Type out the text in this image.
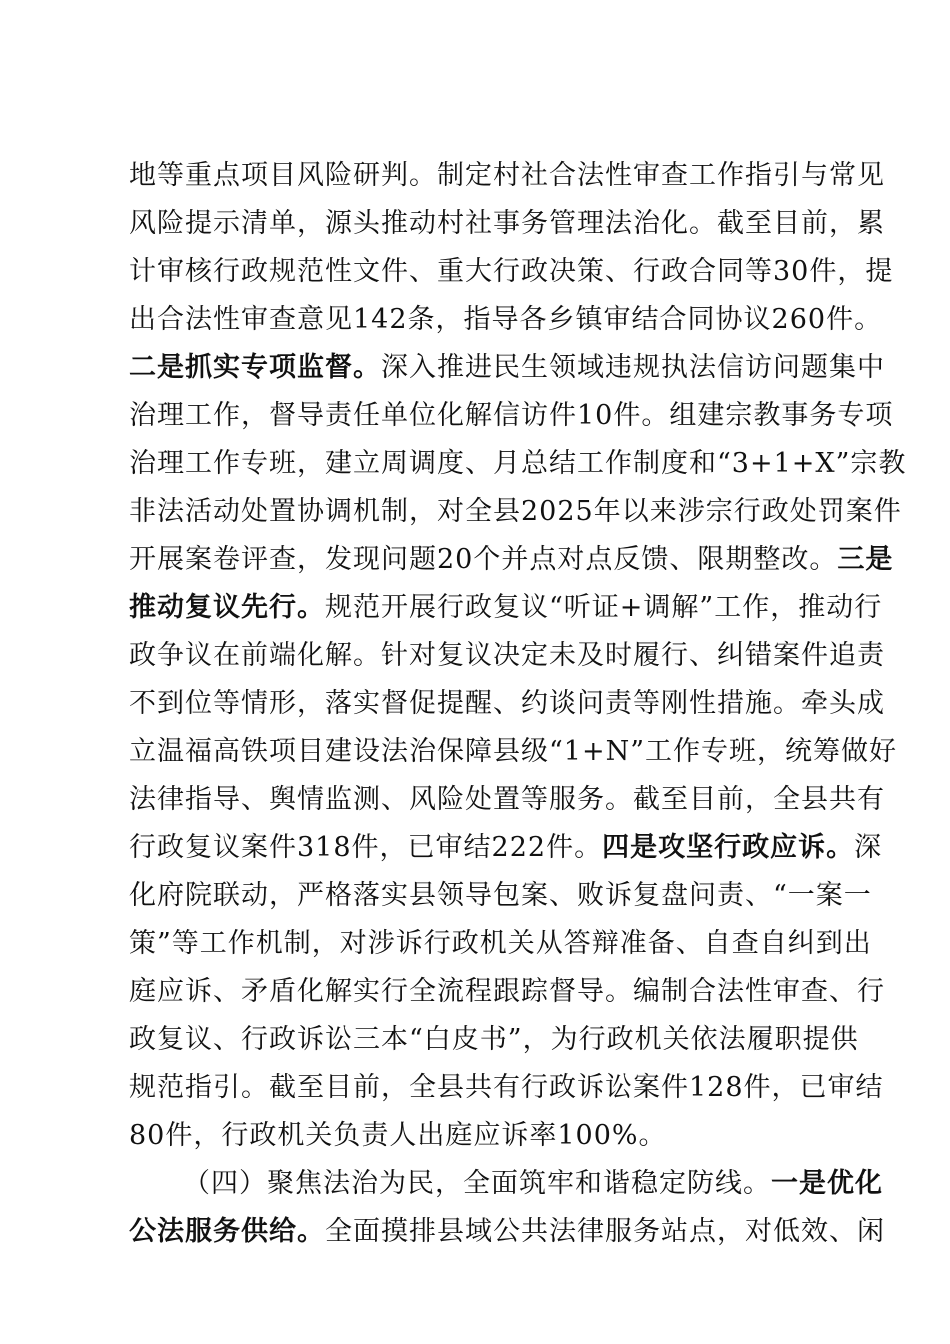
地等重点项目风险研判。制定村社合法性审查工作指引与常见
风险提示清单，源头推动村社事务管理法治化。截至目前，累
计审核行政规范性文件、重大行政决策、行政合同等30件，提
出合法性审查意见142条，指导各乡镇审结合同协议260件。
二是抓实专项监督。深入推进民生领域违规执法信访问题集中
治理工作，督导责任单位化解信访件10件。组建宗教事务专项
治理工作专班，建立周调度、月总结工作制度和“3+1+X”宗教
非法活动处置协调机制，对全县2025年以来涉宗行政处罚案件
开展案卷评查，发现问题20个并点对点反馈、限期整改。三是
推动复议先行。规范开展行政复议“听证+调解”工作，推动行
政争议在前端化解。针对复议决定未及时履行、纠错案件追责
不到位等情形，落实督促提醒、约谈问责等刚性措施。牵头成
立温福高铁项目建设法治保障县级“1+N”工作专班，统筹做好
法律指导、舆情监测、风险处置等服务。截至目前，全县共有
行政复议案件318件，已审结222件。四是攻坚行政应诉。深
化府院联动，严格落实县领导包案、败诉复盘问责、“一案一
策”等工作机制，对涉诉行政机关从答辩准备、自查自纠到出
庭应诉、矛盾化解实行全流程跟踪督导。编制合法性审查、行
政复议、行政诉讼三本“白皮书”，为行政机关依法履职提供
规范指引。截至目前，全县共有行政诉讼案件128件，已审结
80件，行政机关负责人出庭应诉率100%。
（四）聚焦法治为民，全面筑牢和谐稳定防线。一是优化
公法服务供给。全面摸排县域公共法律服务站点，对低效、闲
